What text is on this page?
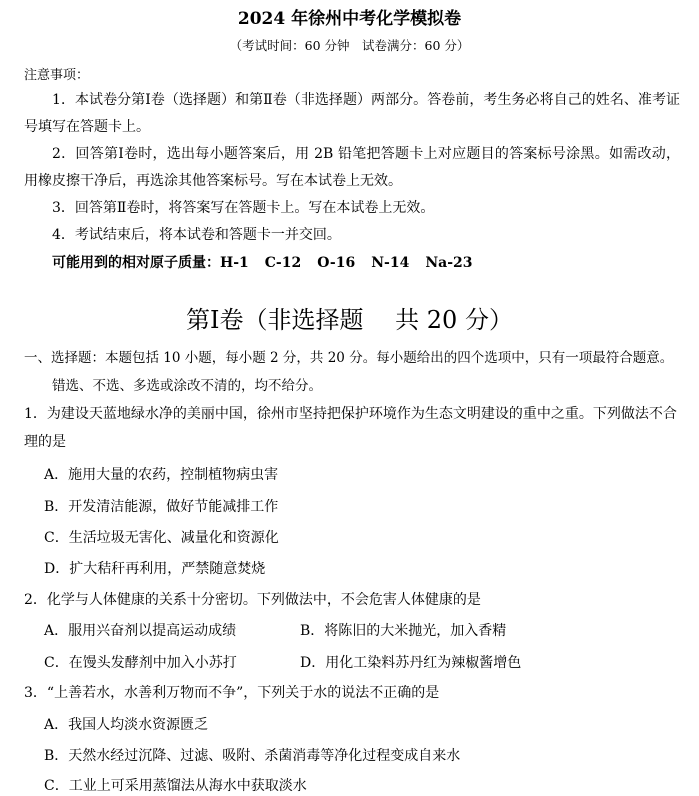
2024 年徐州中考化学模拟卷
（考试时间：60 分钟　试卷满分：60 分）
注意事项：
1．本试卷分第Ⅰ卷（选择题）和第Ⅱ卷（非选择题）两部分。答卷前，考生务必将自己的姓名、准考证号填写在答题卡上。
2．回答第Ⅰ卷时，选出每小题答案后，用 2B 铅笔把答题卡上对应题目的答案标号涂黑。如需改动，用橡皮擦干净后，再选涂其他答案标号。写在本试卷上无效。
3．回答第Ⅱ卷时，将答案写在答题卡上。写在本试卷上无效。
4．考试结束后，将本试卷和答题卡一并交回。
可能用到的相对原子质量：H-1 C-12 O-16 N-14 Na-23
第Ⅰ卷（非选择题　 共 20 分）
一、选择题：本题包括 10 小题，每小题 2 分，共 20 分。每小题给出的四个选项中，只有一项最符合题意。
错选、不选、多选或涂改不清的，均不给分。
1．为建设天蓝地绿水净的美丽中国，徐州市坚持把保护环境作为生态文明建设的重中之重。下列做法不合理的是
A．施用大量的农药，控制植物病虫害
B．开发清洁能源，做好节能减排工作
C．生活垃圾无害化、减量化和资源化
D．扩大秸秆再利用，严禁随意焚烧
2．化学与人体健康的关系十分密切。下列做法中，不会危害人体健康的是
A．服用兴奋剂以提高运动成绩	B．将陈旧的大米抛光，加入香精
C．在馒头发酵剂中加入小苏打	D．用化工染料苏丹红为辣椒酱增色
3．“上善若水，水善利万物而不争”，下列关于水的说法不正确的是
A．我国人均淡水资源匮乏
B．天然水经过沉降、过滤、吸附、杀菌消毒等净化过程变成自来水
C．工业上可采用蒸馏法从海水中获取淡水
